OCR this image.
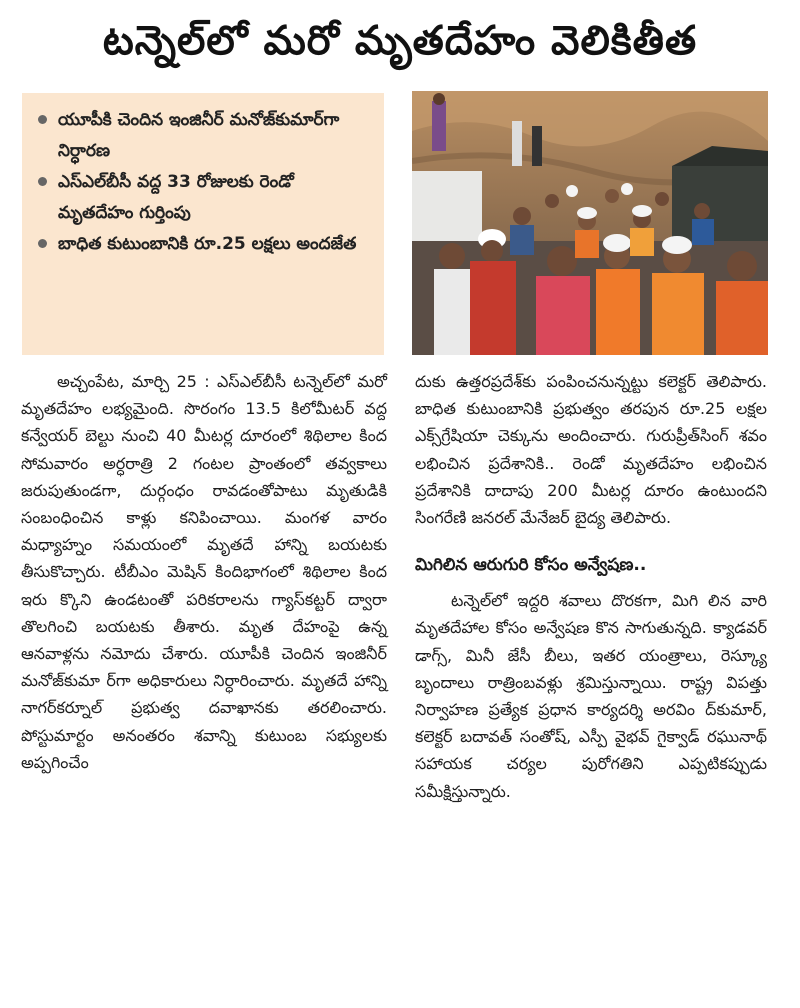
టన్నెల్‌లో మరో మృతదేహం వెలికితీత
యూపీకి చెందిన ఇంజినీర్ మనోజ్‌కుమార్‌గా నిర్ధారణ
ఎస్‌ఎల్‌బీసీ వద్ద 33 రోజులకు రెండో మృతదేహం గుర్తింపు
బాధిత కుటుంబానికి రూ.25 లక్షలు అందజేత

అచ్చంపేట, మార్చి 25 : ఎస్‌ఎల్‌బీసీ టన్నెల్‌లో మరో మృతదేహం లభ్యమైంది. సొరంగం 13.5 కిలోమీటర్ వద్ద కన్వేయర్ బెల్టు నుంచి 40 మీటర్ల దూరంలో శిథిలాల కింద సోమవారం అర్ధరాత్రి 2 గంటల ప్రాంతంలో తవ్వకాలు జరుపుతుండగా, దుర్గంధం రావడంతోపాటు మృతుడికి సంబంధించిన కాళ్లు కనిపించాయి. మంగళ వారం మధ్యాహ్నం సమయంలో మృతదే హాన్ని బయటకు తీసుకొచ్చారు. టీబీఎం మెషిన్ కిందిభాగంలో శిథిలాల కింద ఇరు క్కొని ఉండటంతో పరికరాలను గ్యాస్‌కట్టర్ ద్వారా తొలగించి బయటకు తీశారు. మృత దేహంపై ఉన్న ఆనవాళ్లను నమోదు చేశారు. యూపీకి చెందిన ఇంజినీర్ మనోజ్‌కుమా ర్‌గా అధికారులు నిర్ధారించారు. మృతదే హాన్ని నాగర్‌కర్నూల్ ప్రభుత్వ దవాఖానకు తరలించారు. పోస్టుమార్టం అనంతరం శవాన్ని కుటుంబ సభ్యులకు అప్పగించేం

దుకు ఉత్తరప్రదేశ్‌కు పంపించనున్నట్టు కలెక్టర్ తెలిపారు. బాధిత కుటుంబానికి ప్రభుత్వం తరపున రూ.25 లక్షల ఎక్స్‌గ్రేషియా చెక్కును అందించారు. గురుప్రీత్‌సింగ్ శవం లభించిన ప్రదేశానికి.. రెండో మృతదేహం లభించిన ప్రదేశానికి దాదాపు 200 మీటర్ల దూరం ఉంటుందని సింగరేణి జనరల్ మేనేజర్ బైద్య తెలిపారు.

మిగిలిన ఆరుగురి కోసం అన్వేషణ..

టన్నెల్‌లో ఇద్దరి శవాలు దొరకగా, మిగి లిన వారి మృతదేహాల కోసం అన్వేషణ కొన సాగుతున్నది. క్యాడవర్ డాగ్స్, మినీ జేసీ బీలు, ఇతర యంత్రాలు, రెస్క్యూ బృందాలు రాత్రింబవళ్లు శ్రమిస్తున్నాయి. రాష్ట్ర విపత్తు నిర్వాహణ ప్రత్యేక ప్రధాన కార్యదర్శి అరవిం ద్‌కుమార్, కలెక్టర్ బదావత్ సంతోష్, ఎస్పీ వైభవ్ గైక్వాడ్ రఘునాథ్ సహాయక చర్యల పురోగతిని ఎప్పటికప్పుడు సమీక్షిస్తున్నారు.
